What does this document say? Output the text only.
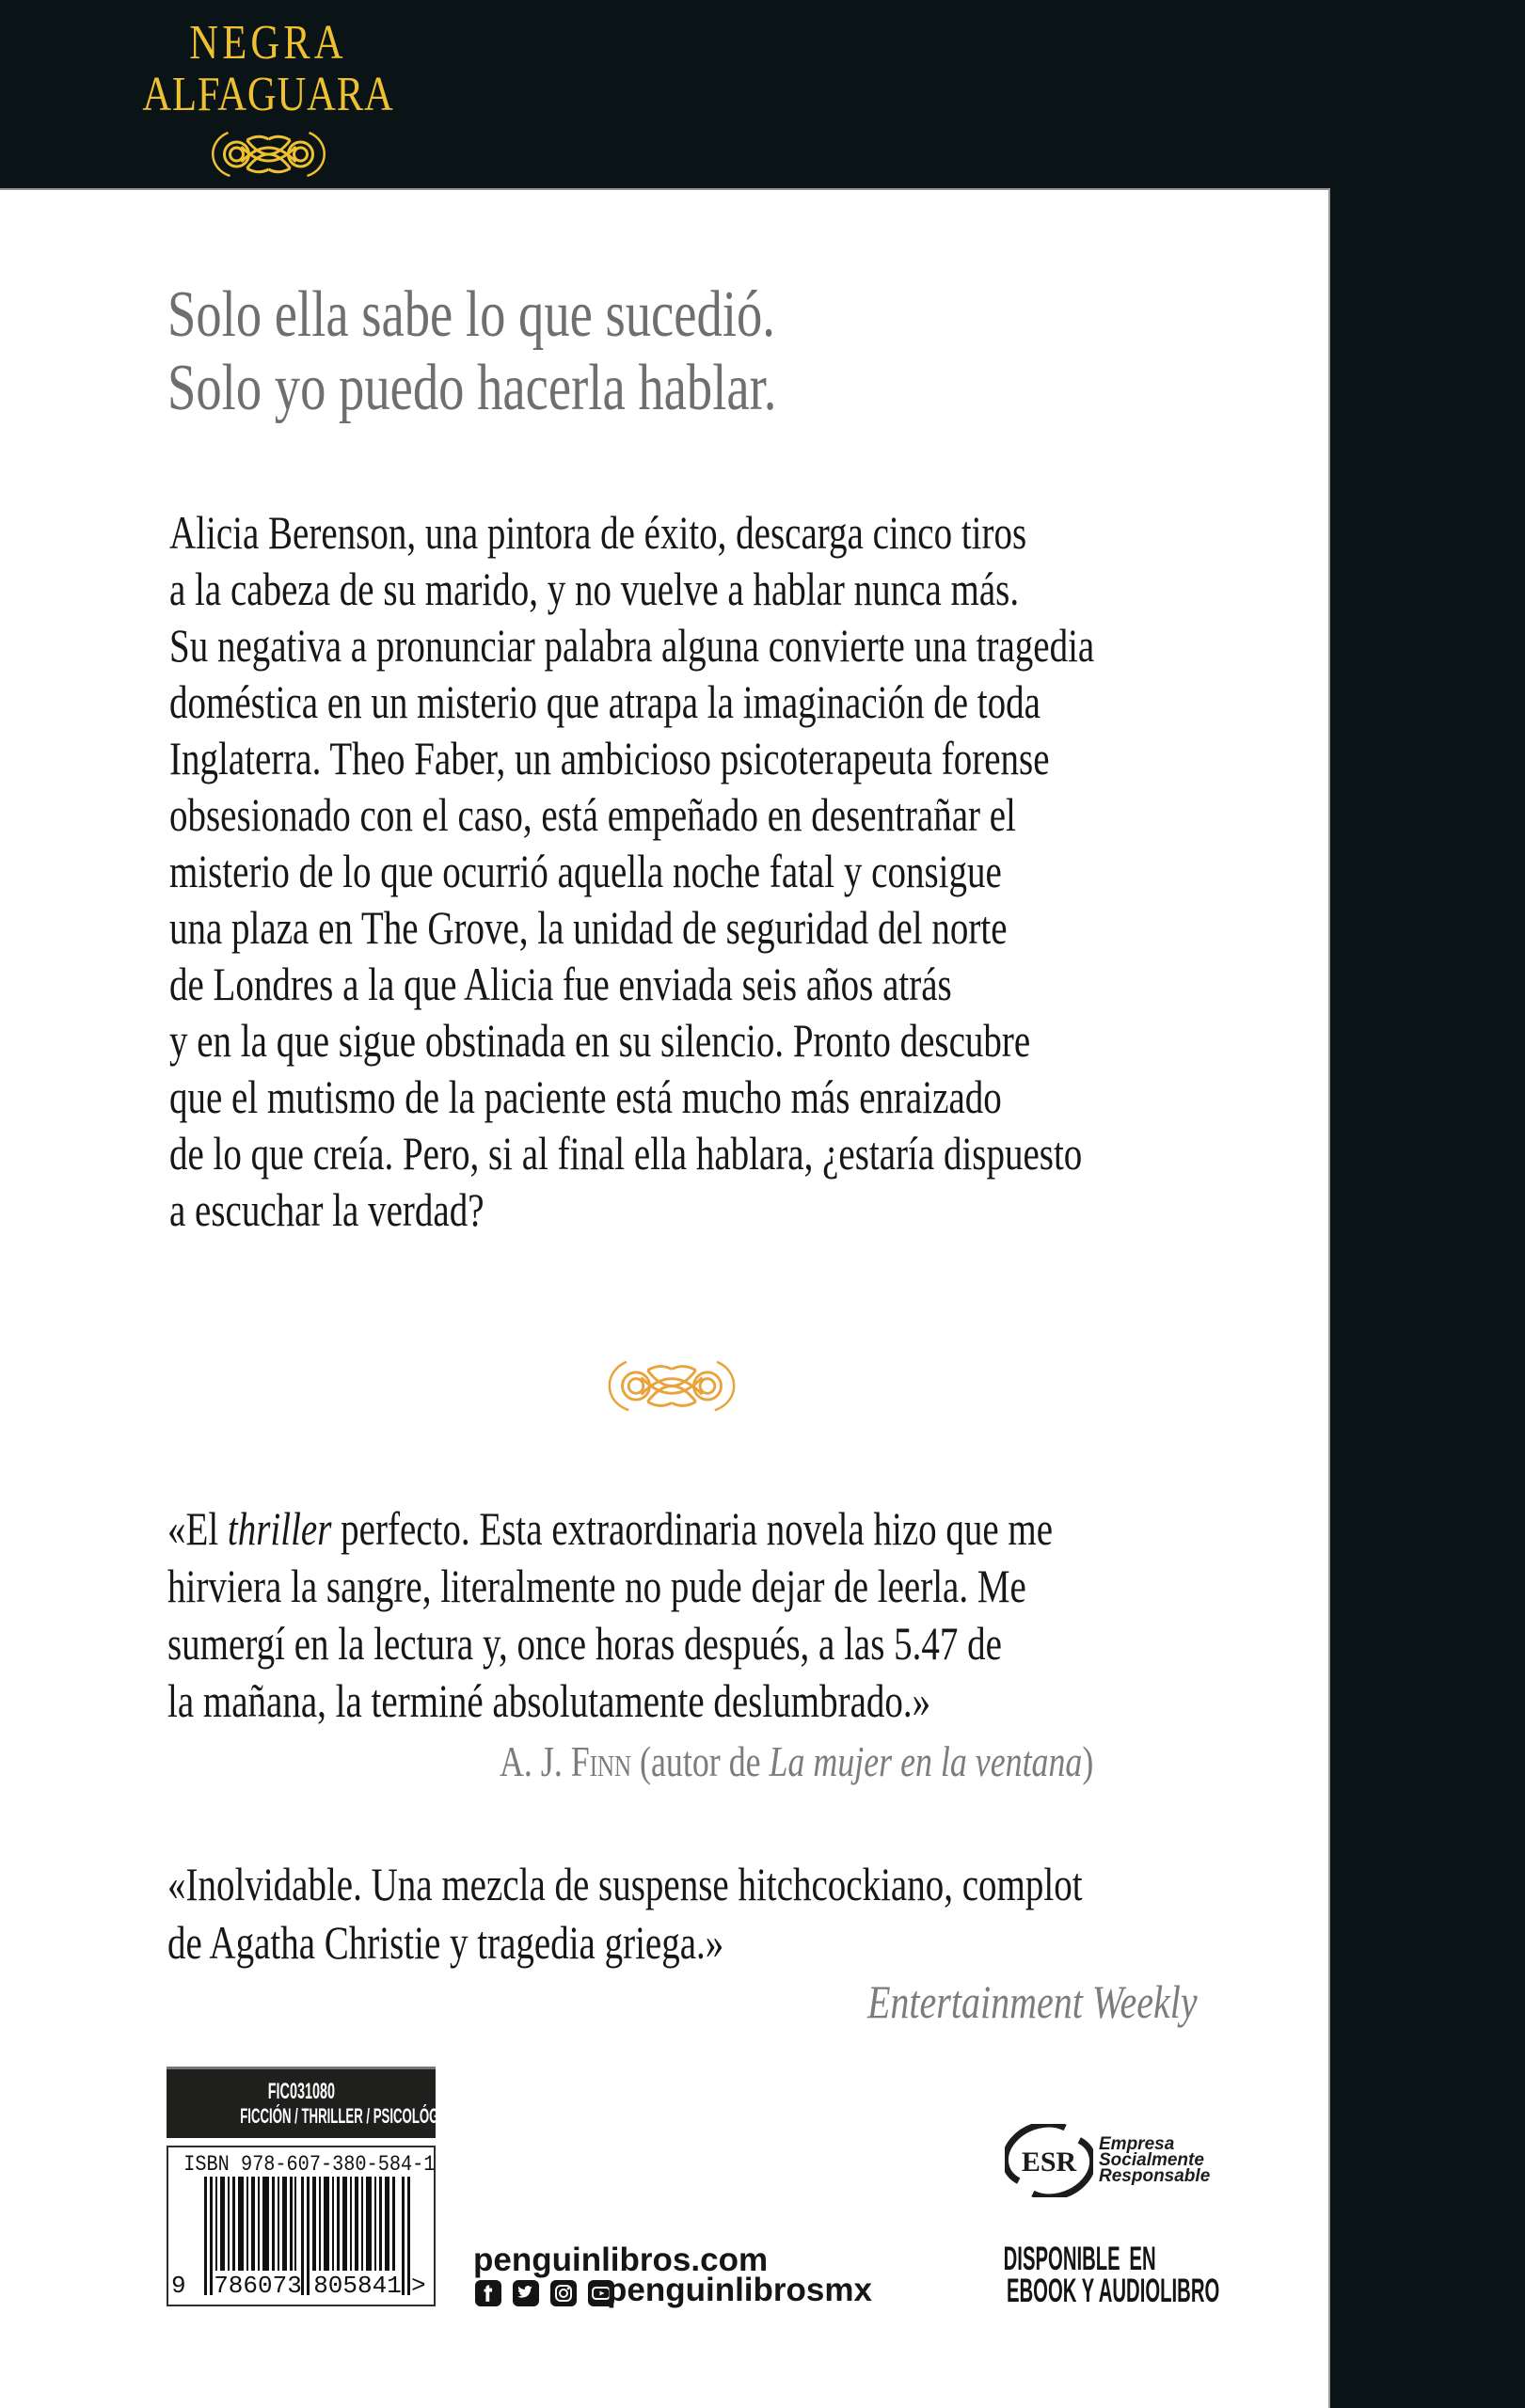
NEGRA
ALFAGUARA
Solo ella sabe lo que sucedió.
Solo yo puedo hacerla hablar.
Alicia Berenson, una pintora de éxito, descarga cinco tiros
a la cabeza de su marido, y no vuelve a hablar nunca más.
Su negativa a pronunciar palabra alguna convierte una tragedia
doméstica en un misterio que atrapa la imaginación de toda
Inglaterra. Theo Faber, un ambicioso psicoterapeuta forense
obsesionado con el caso, está empeñado en desentrañar el
misterio de lo que ocurrió aquella noche fatal y consigue
una plaza en The Grove, la unidad de seguridad del norte
de Londres a la que Alicia fue enviada seis años atrás
y en la que sigue obstinada en su silencio. Pronto descubre
que el mutismo de la paciente está mucho más enraizado
de lo que creía. Pero, si al final ella hablara, ¿estaría dispuesto
a escuchar la verdad?
«El thriller perfecto. Esta extraordinaria novela hizo que me
hirviera la sangre, literalmente no pude dejar de leerla. Me
sumergí en la lectura y, once horas después, a las 5.47 de
la mañana, la terminé absolutamente deslumbrado.»
A. J. Finn (autor de La mujer en la ventana)
«Inolvidable. Una mezcla de suspense hitchcockiano, complot
de Agatha Christie y tragedia griega.»
Entertainment Weekly
FIC031080
FICCIÓN / THRILLER / PSICOLÓGICO
ISBN 978-607-380-584-1
9 786073 805841 >
penguinlibros.com

penguinlibrosmx
ESR
Empresa
Socialmente
Responsable
DISPONIBLE EN
EBOOK Y AUDIOLIBRO
